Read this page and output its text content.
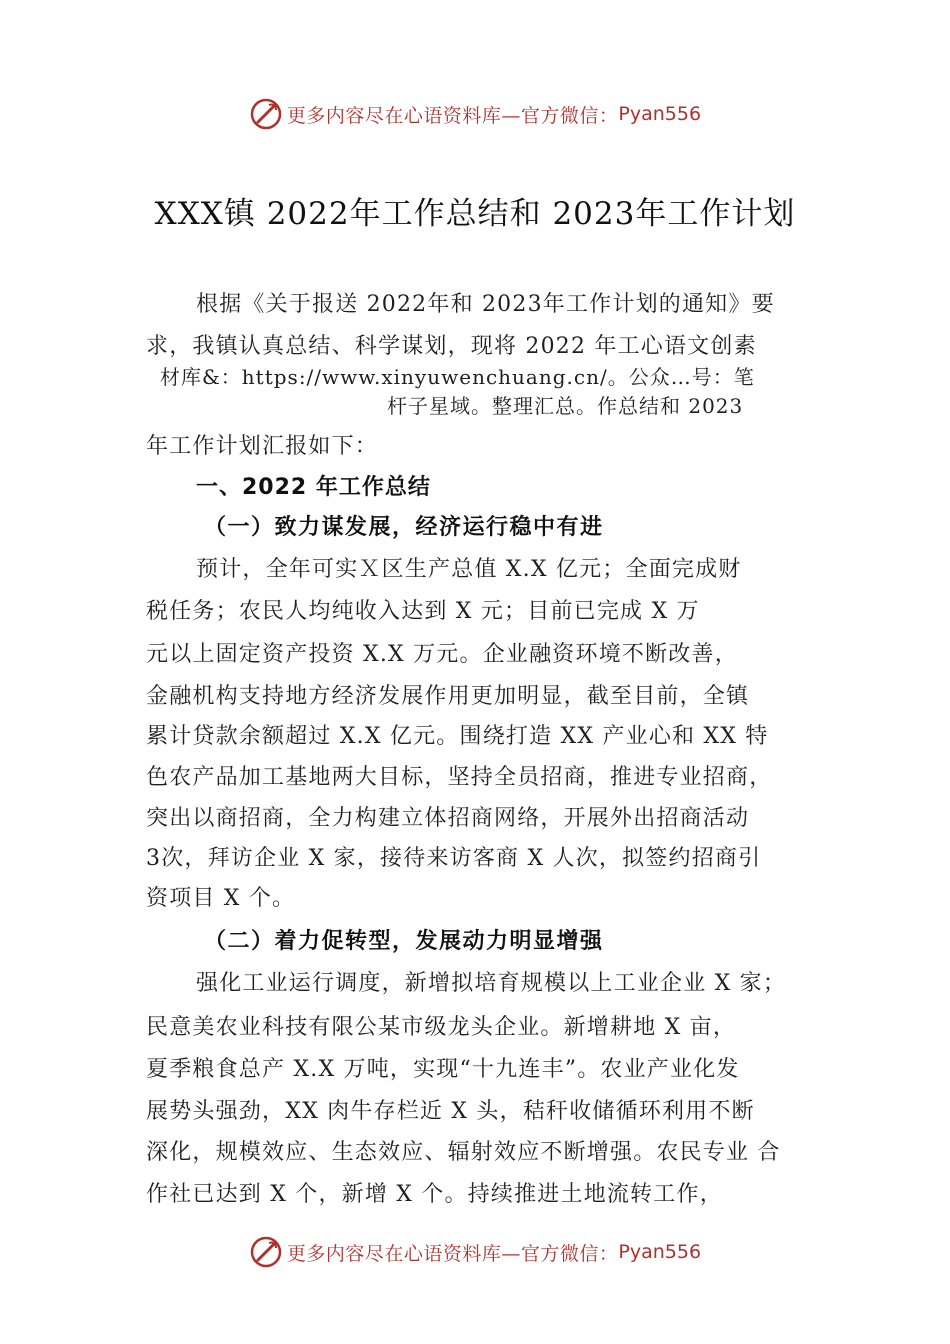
更多内容尽在心语资料库—官方微信： Pyan556
XXX镇 2022年工作总结和 2023年工作计划
根据《关于报送 2022年和 2023年工作计划的通知》要
求，我镇认真总结、科学谋划，现将 2022 年工心语文创素
材库&：https://www.xinyuwenchuang.cn/。公众…号：笔
杆子星域。整理汇总。作总结和 2023
年工作计划汇报如下：
一、2022 年工作总结
（一）致力谋发展，经济运行稳中有进
预计，全年可实Ｘ区生产总值 X.X 亿元；全面完成财
税任务；农民人均纯收入达到 X 元；目前已完成 X 万
元以上固定资产投资 X.X 万元。企业融资环境不断改善，
金融机构支持地方经济发展作用更加明显，截至目前，全镇
累计贷款余额超过 X.X 亿元。围绕打造 XX 产业心和 XX 特
色农产品加工基地两大目标，坚持全员招商，推进专业招商，
突出以商招商，全力构建立体招商网络，开展外出招商活动
3次，拜访企业 X 家，接待来访客商 X 人次，拟签约招商引
资项目 X 个。
（二）着力促转型，发展动力明显增强
强化工业运行调度，新增拟培育规模以上工业企业 X 家；
民意美农业科技有限公某市级龙头企业。新增耕地 X 亩，
夏季粮食总产 X.X 万吨，实现“十九连丰”。农业产业化发
展势头强劲，XX 肉牛存栏近 X 头，秸秆收储循环利用不断
深化，规模效应、生态效应、辐射效应不断增强。农民专业 合
作社已达到 X 个，新增 X 个。持续推进土地流转工作，
更多内容尽在心语资料库—官方微信： Pyan556
